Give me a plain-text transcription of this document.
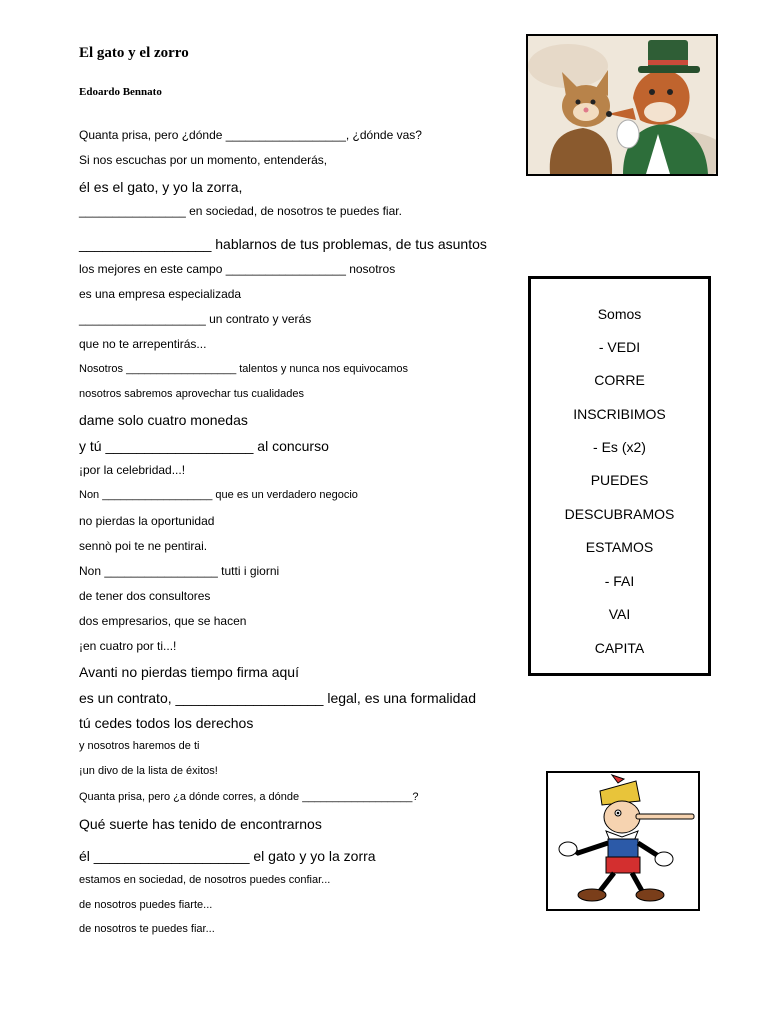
El gato y el zorro
Edoardo Bennato
Quanta prisa, pero ¿dónde __________________, ¿dónde vas?
Si nos escuchas por un momento, entenderás,
él es el gato, y yo la zorra,
________________ en sociedad, de nosotros te puedes fiar.
_________________ hablarnos de tus problemas, de tus asuntos
los mejores en este campo __________________ nosotros
es una empresa especializada
___________________ un contrato y verás
que no te arrepentirás...
Nosotros __________________ talentos y nunca nos equivocamos
nosotros sabremos aprovechar tus cualidades
dame solo cuatro monedas
y tú ___________________ al concurso
¡por la celebridad...!
Non __________________ que es un verdadero negocio
no pierdas la oportunidad
sennò poi te ne pentirai.
Non _________________ tutti i giorni
de tener dos consultores
dos empresarios, que se hacen
¡en cuatro por ti...!
Avanti no pierdas tiempo firma aquí
es un contrato, ___________________ legal, es una formalidad
tú cedes todos los derechos
y nosotros haremos de ti
¡un divo de la lista de éxitos!
Quanta prisa, pero ¿a dónde corres, a dónde __________________?
Qué suerte has tenido de encontrarnos
él ____________________ el gato y yo la zorra
estamos en sociedad, de nosotros puedes confiar...
de nosotros puedes fiarte...
de nosotros te puedes fiar...
Somos
- VEDI
CORRE
INSCRIBIMOS
- Es (x2)
PUEDES
DESCUBRAMOS
ESTAMOS
- FAI
VAI
CAPITA
